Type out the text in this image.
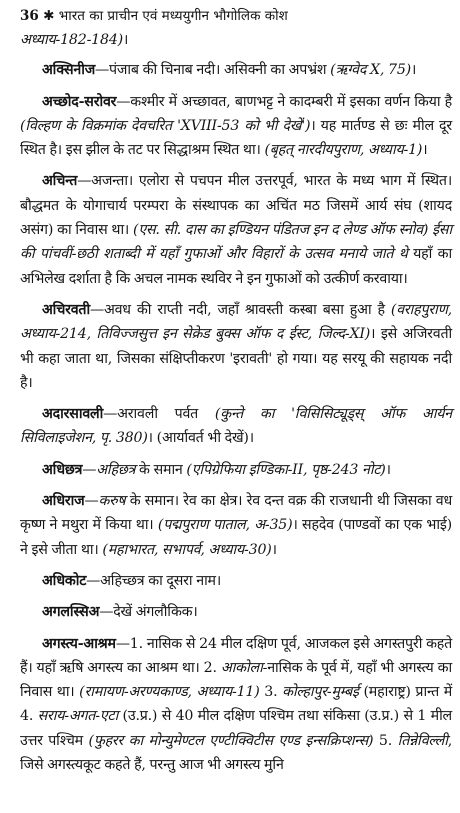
36 ✱ भारत का प्राचीन एवं मध्ययुगीन भौगोलिक कोश

अध्याय-182-184)।

अक्सिनीज—पंजाब की चिनाब नदी। असिक्नी का अपभ्रंश (ऋग्वेद X, 75)।

अच्छोद-सरोवर—कश्मीर में अच्छावत, बाणभट्ट ने कादम्बरी में इसका वर्णन किया है (विल्हण के विक्रमांक देवचरित 'XVIII-53 को भी देखें')। यह मार्तण्ड से छः मील दूर स्थित है। इस झील के तट पर सिद्धाश्रम स्थित था। (बृहत् नारदीयपुराण, अध्याय-1)।

अचिन्त—अजन्ता। एलोरा से पचपन मील उत्तरपूर्व, भारत के मध्य भाग में स्थित। बौद्धमत के योगाचार्य परम्परा के संस्थापक का अचिंत मठ जिसमें आर्य संघ (शायद असंग) का निवास था। (एस. सी. दास का इण्डियन पंडितज इन द लेण्ड ऑफ स्नोव) ईसा की पांचवीं-छठी शताब्दी में यहाँ गुफाओं और विहारों के उत्सव मनाये जाते थे यहाँ का अभिलेख दर्शाता है कि अचल नामक स्थविर ने इन गुफाओं को उत्कीर्ण करवाया।

अचिरवती—अवध की राप्ती नदी, जहाँ श्रावस्ती कस्बा बसा हुआ है (वराहपुराण, अध्याय-214, तिविज्जसुत्त इन सेक्रेड बुक्स ऑफ द ईस्ट, जिल्द-XI)। इसे अजिरवती भी कहा जाता था, जिसका संक्षिप्तीकरण 'इरावती' हो गया। यह सरयू की सहायक नदी है।

अदारसावली—अरावली पर्वत (कुन्ते का 'विसिसिट्यूड्स् ऑफ आर्यन सिविलाइजेशन, पृ. 380)। (आर्यावर्त भी देखें)।

अधिछत्र—अहिछत्र के समान (एपिग्रेफिया इण्डिका-II, पृष्ठ-243 नोट)।

अधिराज—करुष के समान। रेव का क्षेत्र। रेव दन्त वक्र की राजधानी थी जिसका वध कृष्ण ने मथुरा में किया था। (पद्मपुराण पाताल, अ-35)। सहदेव (पाण्डवों का एक भाई) ने इसे जीता था। (महाभारत, सभापर्व, अध्याय-30)।

अधिकोट—अहिच्छत्र का दूसरा नाम।

अगलस्सिअ—देखें अंगलौकिक।

अगस्त्य-आश्रम—1. नासिक से 24 मील दक्षिण पूर्व, आजकल इसे अगस्तपुरी कहते हैं। यहाँ ऋषि अगस्त्य का आश्रम था। 2. आकोला-नासिक के पूर्व में, यहाँ भी अगस्त्य का निवास था। (रामायण-अरण्यकाण्ड, अध्याय-11) 3. कोल्हापुर-मुम्बई (महाराष्ट्र) प्रान्त में 4. सराय-अगत-एटा (उ.प्र.) से 40 मील दक्षिण पश्चिम तथा संकिसा (उ.प्र.) से 1 मील उत्तर पश्चिम (फुहरर का मोन्युमेण्टल एण्टीक्विटीस एण्ड इन्सक्रिप्शन्स) 5. तिन्नेविल्ली, जिसे अगस्त्यकूट कहते हैं, परन्तु आज भी अगस्त्य मुनि
